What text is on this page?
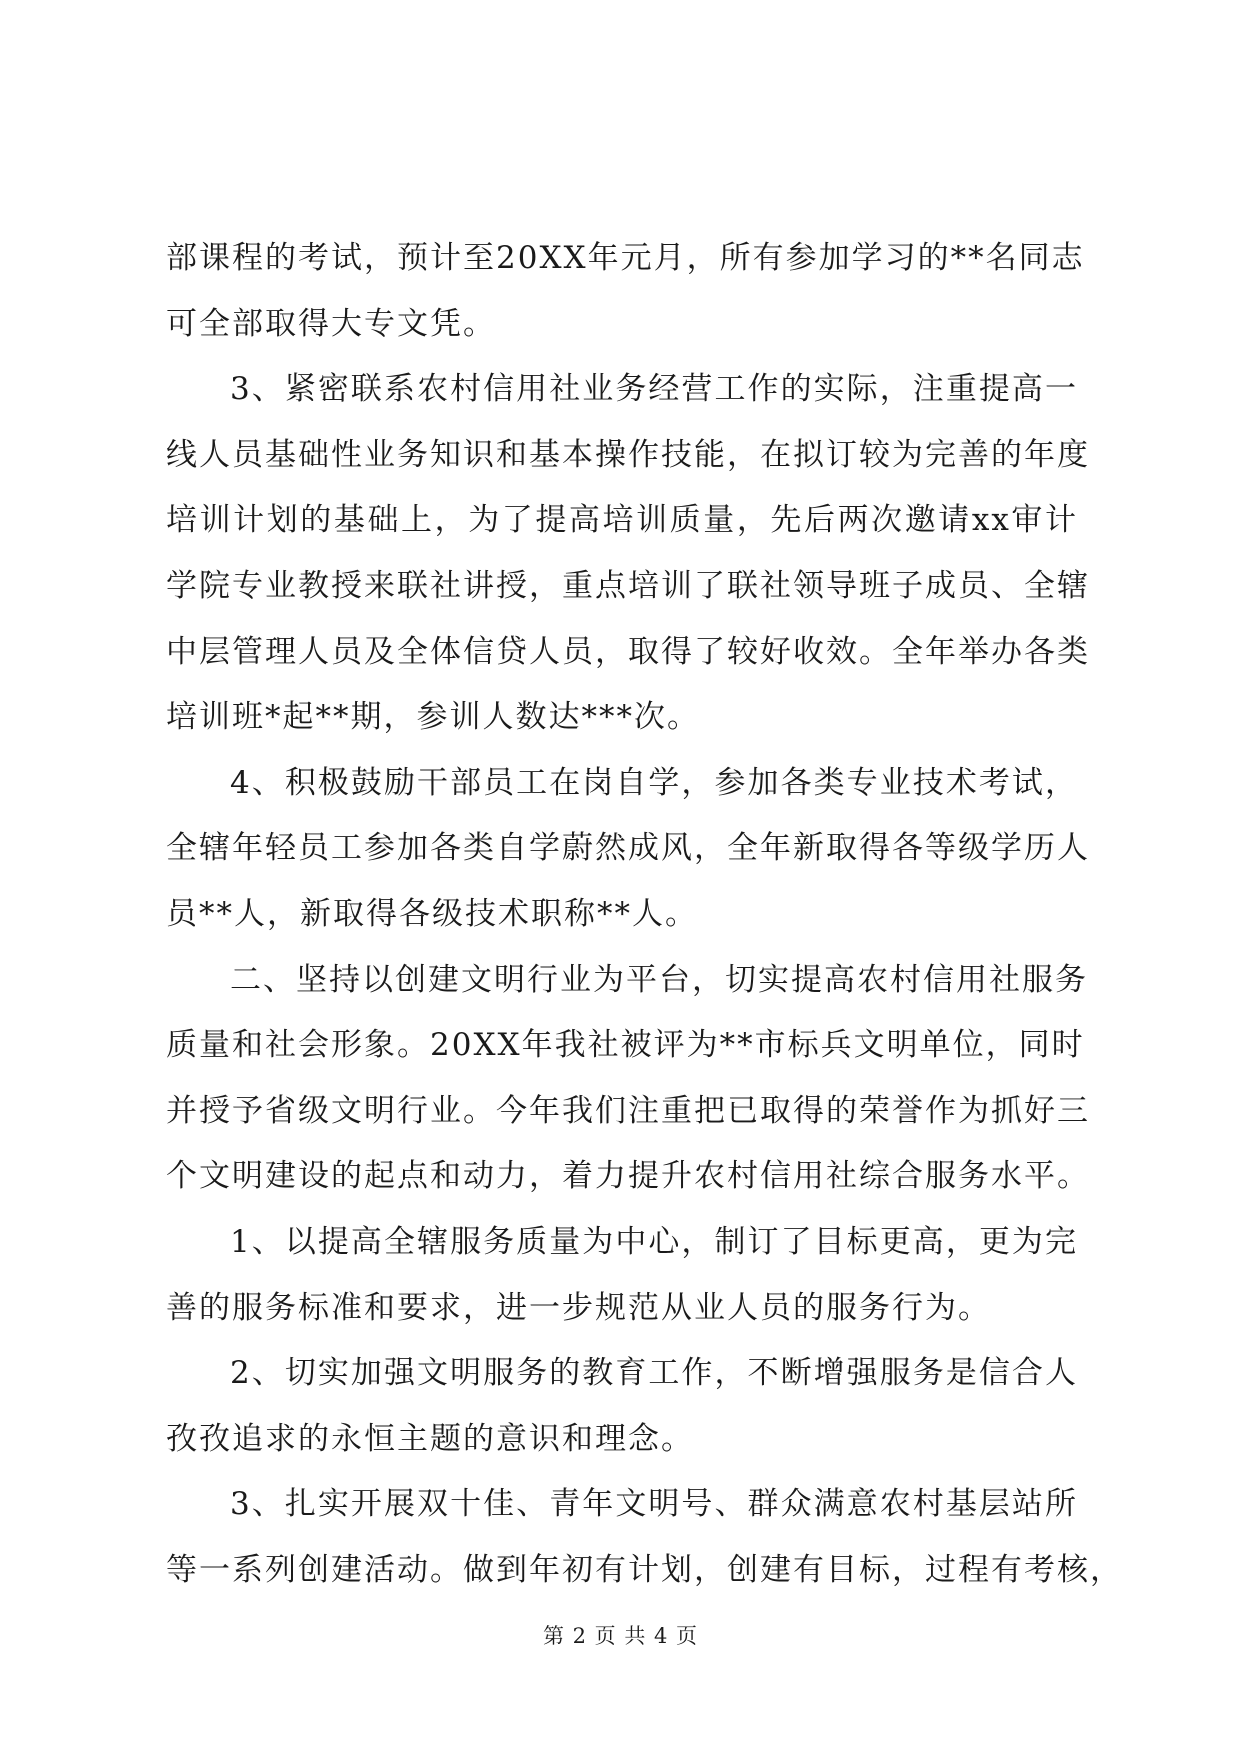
部课程的考试，预计至20XX年元月，所有参加学习的**名同志
可全部取得大专文凭。
3、紧密联系农村信用社业务经营工作的实际，注重提高一
线人员基础性业务知识和基本操作技能，在拟订较为完善的年度
培训计划的基础上，为了提高培训质量，先后两次邀请xx审计
学院专业教授来联社讲授，重点培训了联社领导班子成员、全辖
中层管理人员及全体信贷人员，取得了较好收效。全年举办各类
培训班*起**期，参训人数达***次。
4、积极鼓励干部员工在岗自学，参加各类专业技术考试，
全辖年轻员工参加各类自学蔚然成风，全年新取得各等级学历人
员**人，新取得各级技术职称**人。
二、坚持以创建文明行业为平台，切实提高农村信用社服务
质量和社会形象。20XX年我社被评为**市标兵文明单位，同时
并授予省级文明行业。今年我们注重把已取得的荣誉作为抓好三
个文明建设的起点和动力，着力提升农村信用社综合服务水平。
1、以提高全辖服务质量为中心，制订了目标更高，更为完
善的服务标准和要求，进一步规范从业人员的服务行为。
2、切实加强文明服务的教育工作，不断增强服务是信合人
孜孜追求的永恒主题的意识和理念。
3、扎实开展双十佳、青年文明号、群众满意农村基层站所
等一系列创建活动。做到年初有计划，创建有目标，过程有考核，
第 2 页 共 4 页
